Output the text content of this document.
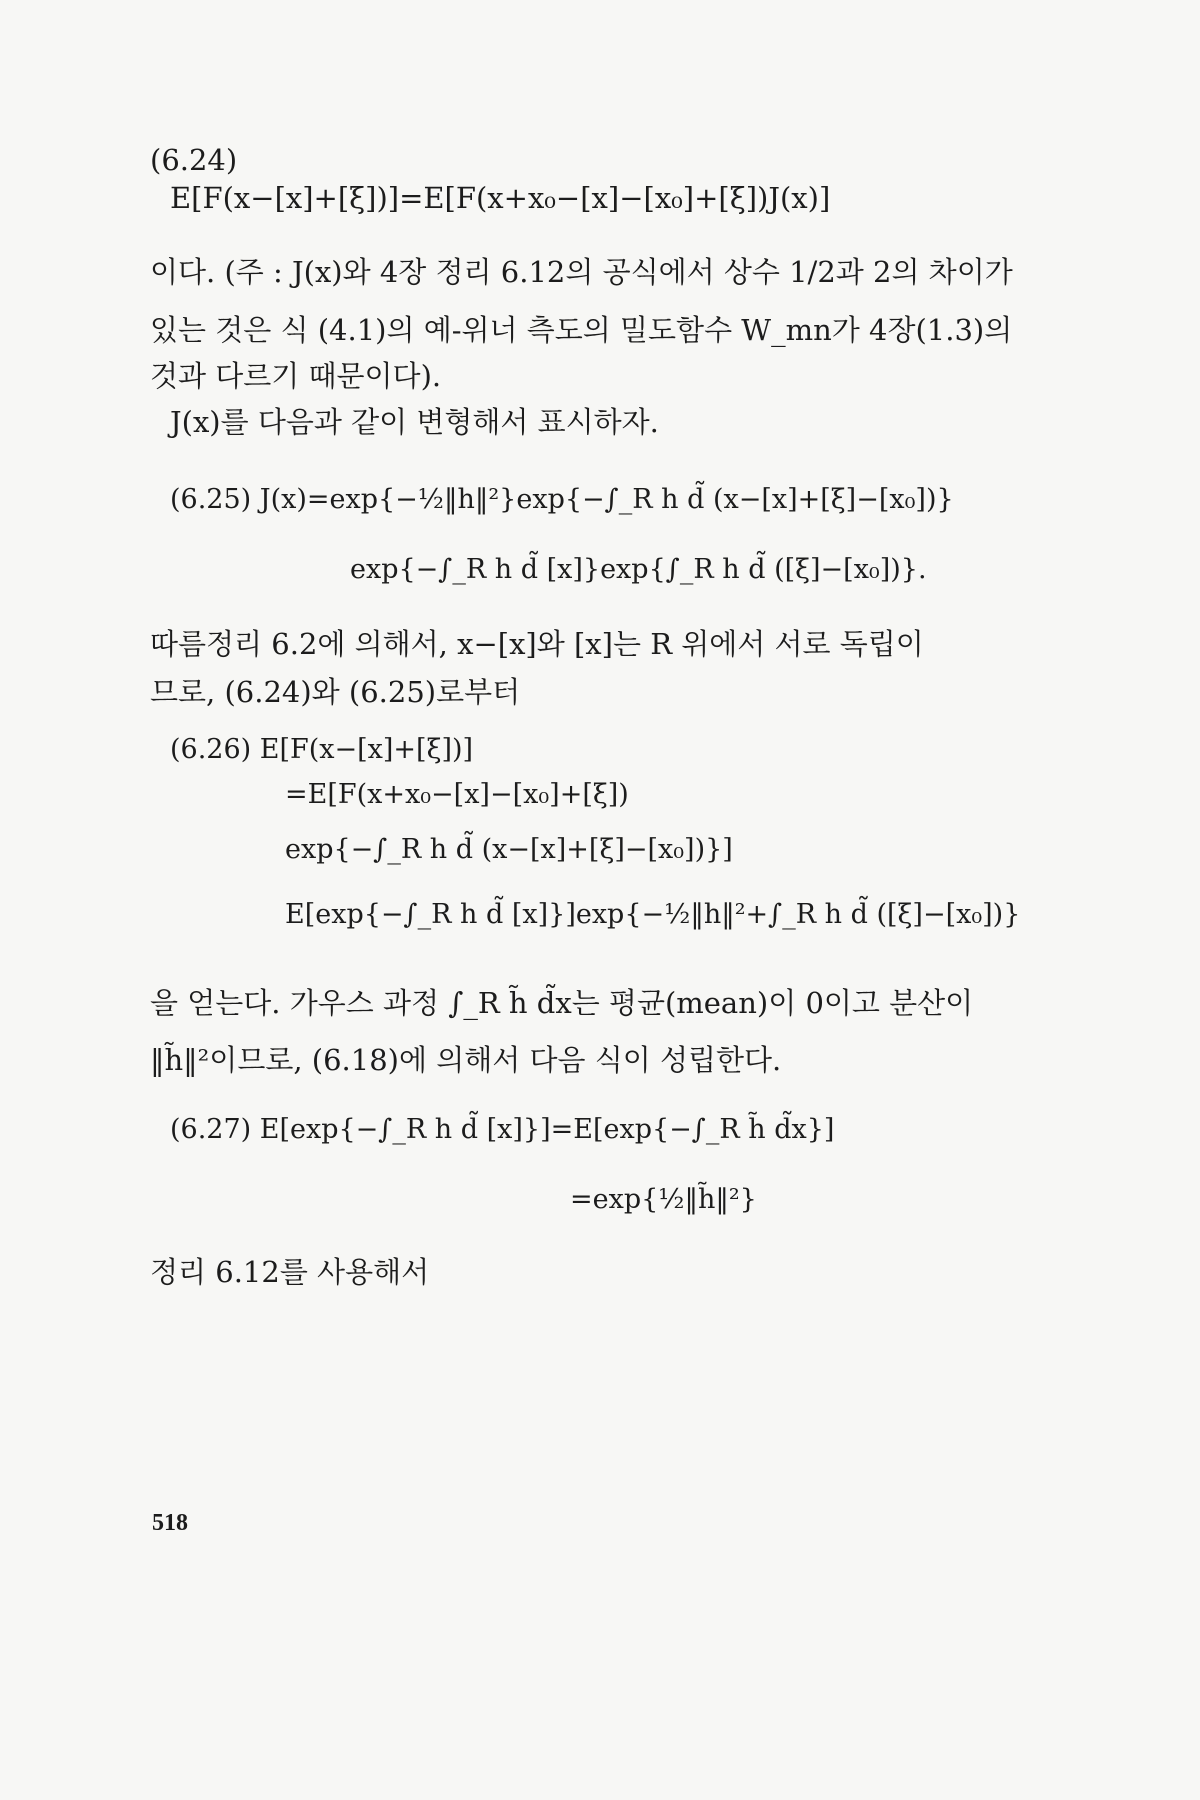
(6.24)
E[F(x−[x]+[ξ])]=E[F(x+x₀−[x]−[x₀]+[ξ])J(x)]
이다. (주 : J(x)와 4장 정리 6.12의 공식에서 상수 1/2과 2의 차이가
있는 것은 식 (4.1)의 예-위너 측도의 밀도함수 W_mn가 4장(1.3)의
것과 다르기 때문이다).
J(x)를 다음과 같이 변형해서 표시하자.
(6.25) J(x)=exp{−½‖h‖²}exp{−∫_R h d̃ (x−[x]+[ξ]−[x₀])}
exp{−∫_R h d̃ [x]}exp{∫_R h d̃ ([ξ]−[x₀])}.
따름정리 6.2에 의해서, x−[x]와 [x]는 R 위에서 서로 독립이
므로, (6.24)와 (6.25)로부터
(6.26) E[F(x−[x]+[ξ])]
=E[F(x+x₀−[x]−[x₀]+[ξ])
exp{−∫_R h d̃ (x−[x]+[ξ]−[x₀])}]
E[exp{−∫_R h d̃ [x]}]exp{−½‖h‖²+∫_R h d̃ ([ξ]−[x₀])}
을 얻는다. 가우스 과정 ∫_R h̃ d̃x는 평균(mean)이 0이고 분산이
‖h̃‖²이므로, (6.18)에 의해서 다음 식이 성립한다.
(6.27) E[exp{−∫_R h d̃ [x]}]=E[exp{−∫_R h̃ d̃x}]
=exp{½‖h̃‖²}
정리 6.12를 사용해서
518
